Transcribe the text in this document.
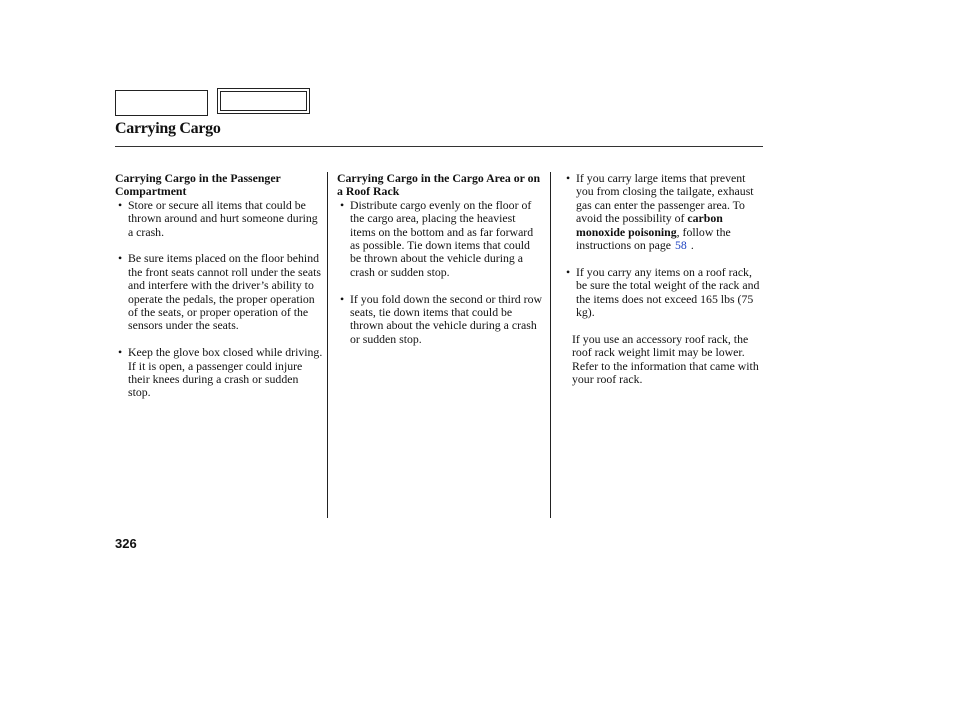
Carrying Cargo
Carrying Cargo in the Passenger Compartment
• Store or secure all items that could be thrown around and hurt someone during a crash.
• Be sure items placed on the floor behind the front seats cannot roll under the seats and interfere with the driver’s ability to operate the pedals, the proper operation of the seats, or proper operation of the sensors under the seats.
• Keep the glove box closed while driving. If it is open, a passenger could injure their knees during a crash or sudden stop.
Carrying Cargo in the Cargo Area or on a Roof Rack
• Distribute cargo evenly on the floor of the cargo area, placing the heaviest items on the bottom and as far forward as possible. Tie down items that could be thrown about the vehicle during a crash or sudden stop.
• If you fold down the second or third row seats, tie down items that could be thrown about the vehicle during a crash or sudden stop.
• If you carry large items that prevent you from closing the tailgate, exhaust gas can enter the passenger area. To avoid the possibility of carbon monoxide poisoning, follow the instructions on page 58 .
• If you carry any items on a roof rack, be sure the total weight of the rack and the items does not exceed 165 lbs (75 kg).

If you use an accessory roof rack, the roof rack weight limit may be lower. Refer to the information that came with your roof rack.

326
